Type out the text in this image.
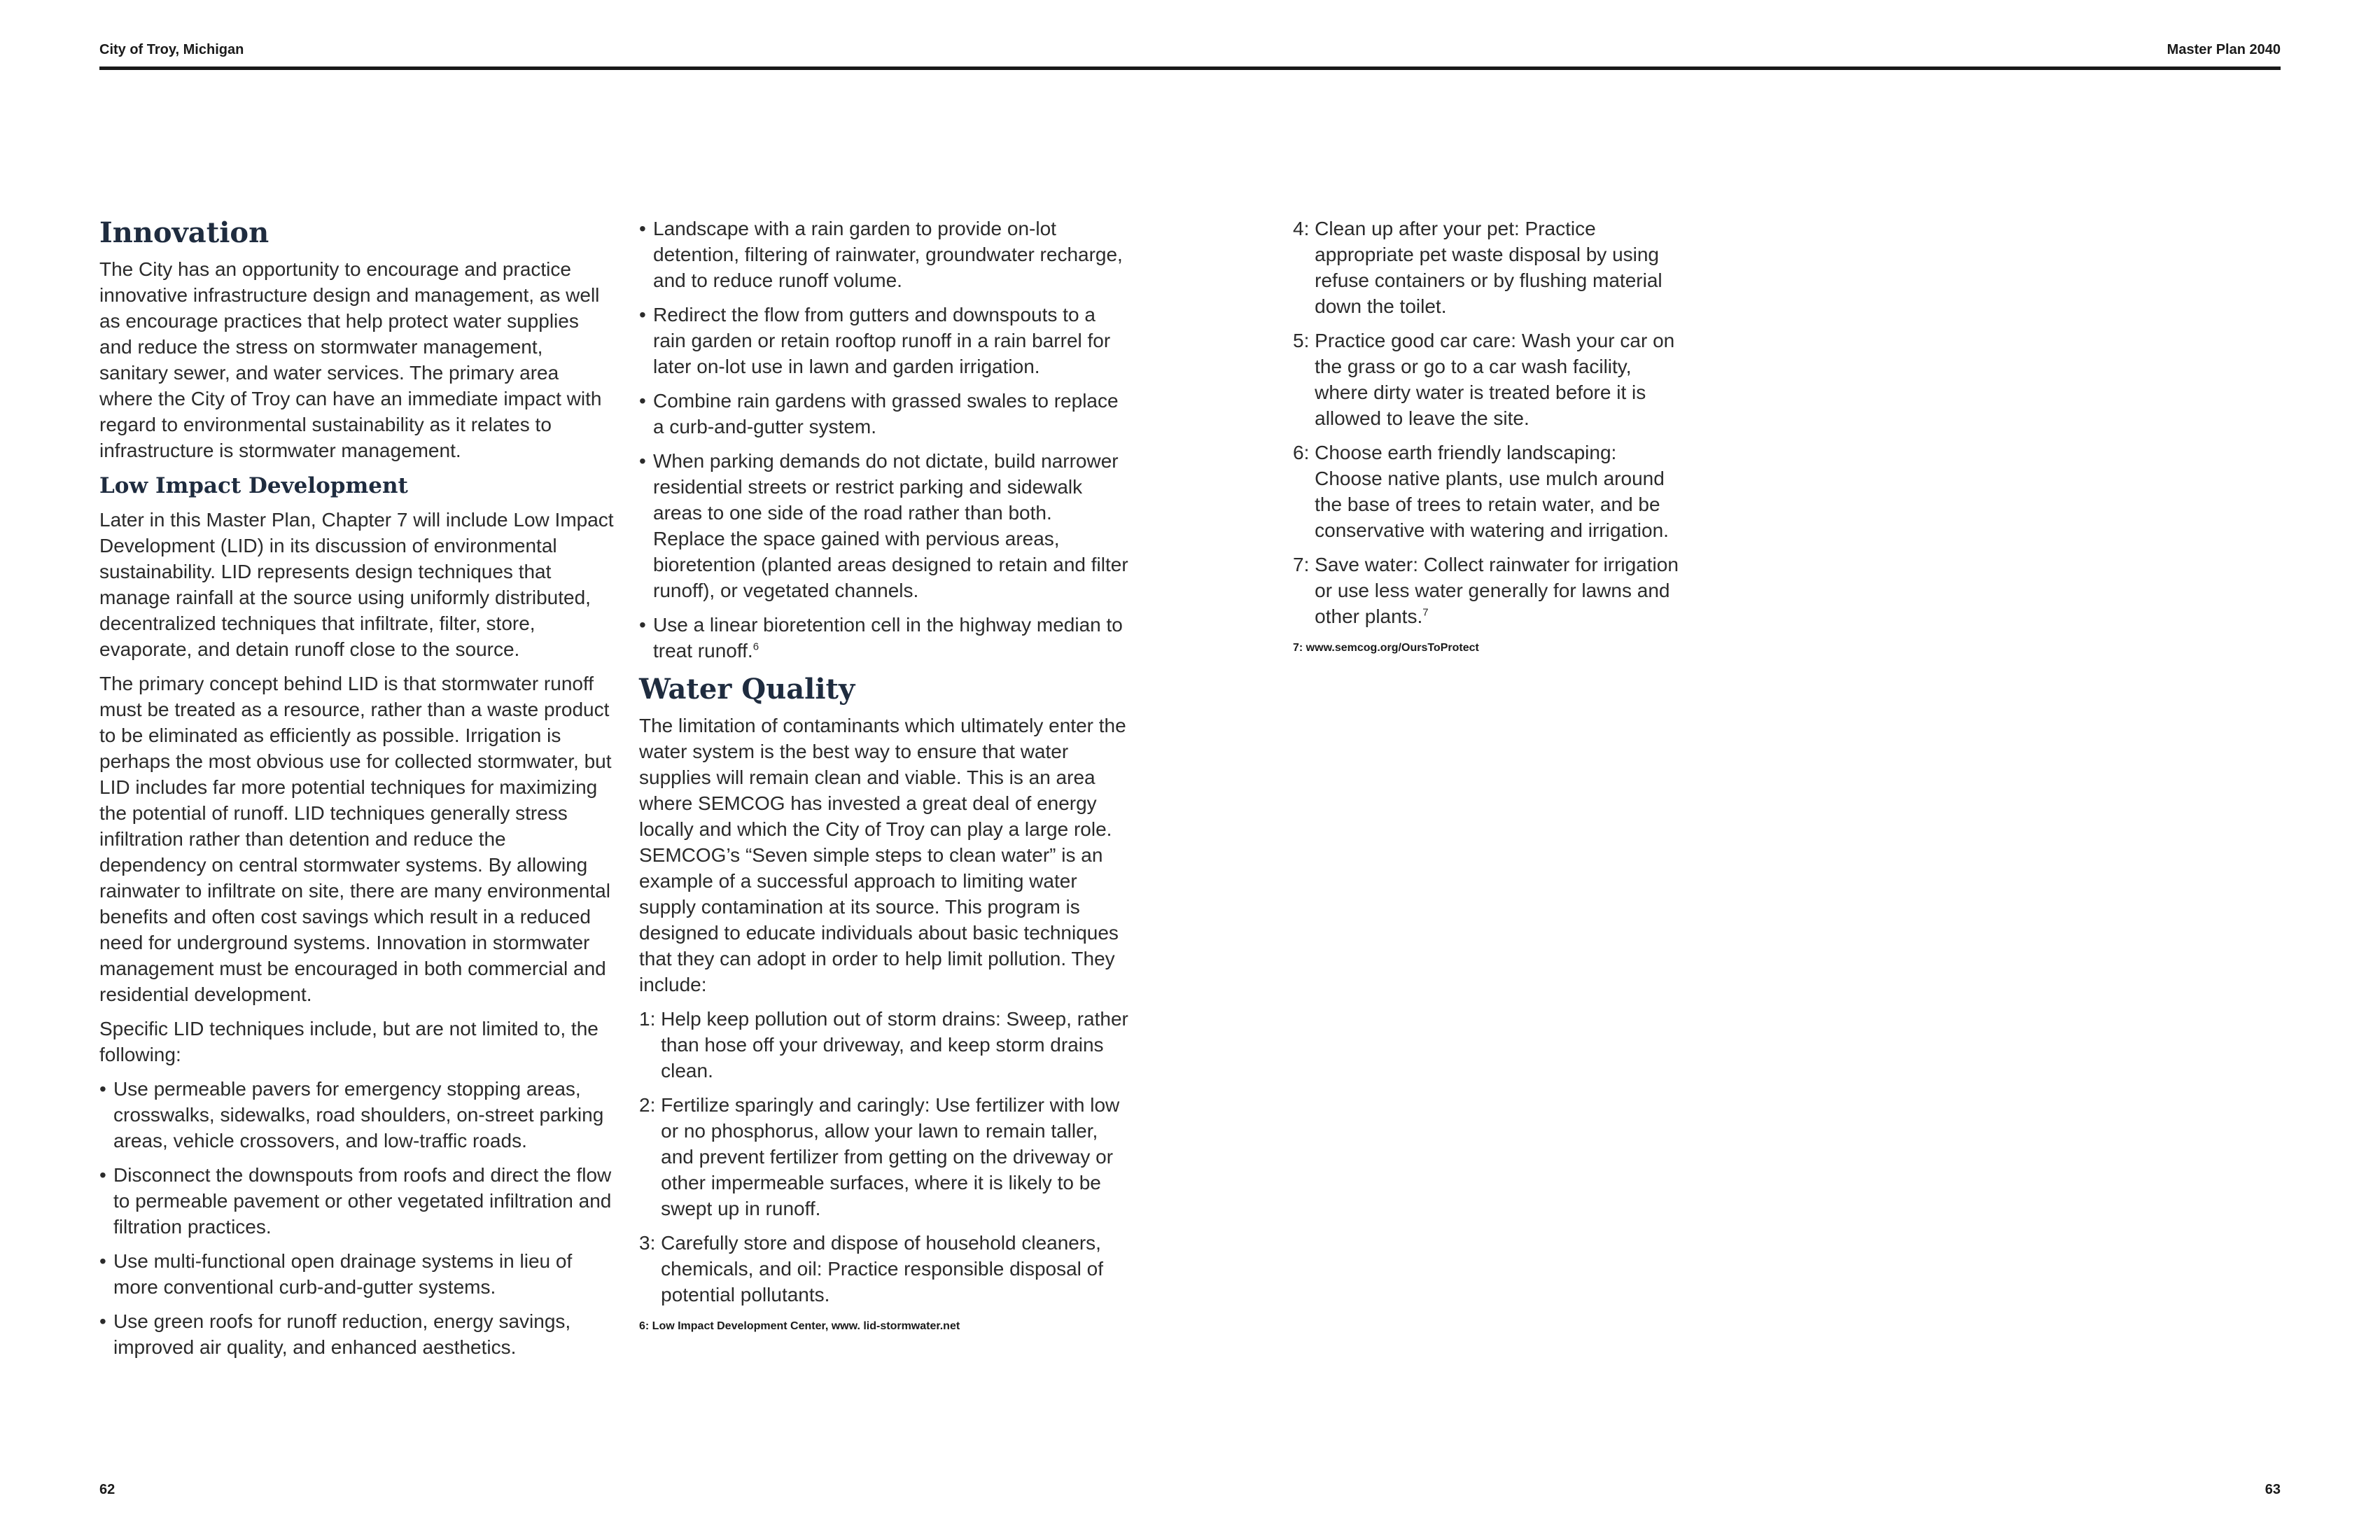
City of Troy, Michigan	Master Plan 2040
Innovation

The City has an opportunity to encourage and practice innovative infrastructure design and management, as well as encourage practices that help protect water supplies and reduce the stress on stormwater management, sanitary sewer, and water services. The primary area where the City of Troy can have an immediate impact with regard to environmental sustainability as it relates to infrastructure is stormwater management.

Low Impact Development

Later in this Master Plan, Chapter 7 will include Low Impact Development (LID) in its discussion of environmental sustainability. LID represents design techniques that manage rainfall at the source using uniformly distributed, decentralized techniques that infiltrate, filter, store, evaporate, and detain runoff close to the source.

The primary concept behind LID is that stormwater runoff must be treated as a resource, rather than a waste product to be eliminated as efficiently as possible. Irrigation is perhaps the most obvious use for collected stormwater, but LID includes far more potential techniques for maximizing the potential of runoff. LID techniques generally stress infiltration rather than detention and reduce the dependency on central stormwater systems. By allowing rainwater to infiltrate on site, there are many environmental benefits and often cost savings which result in a reduced need for underground systems. Innovation in stormwater management must be encouraged in both commercial and residential development.

Specific LID techniques include, but are not limited to, the following:

• Use permeable pavers for emergency stopping areas, crosswalks, sidewalks, road shoulders, on-street parking areas, vehicle crossovers, and low-traffic roads.
• Disconnect the downspouts from roofs and direct the flow to permeable pavement or other vegetated infiltration and filtration practices.
• Use multi-functional open drainage systems in lieu of more conventional curb-and-gutter systems.
• Use green roofs for runoff reduction, energy savings, improved air quality, and enhanced aesthetics.
• Landscape with a rain garden to provide on-lot detention, filtering of rainwater, groundwater recharge, and to reduce runoff volume.
• Redirect the flow from gutters and downspouts to a rain garden or retain rooftop runoff in a rain barrel for later on-lot use in lawn and garden irrigation.
• Combine rain gardens with grassed swales to replace a curb-and-gutter system.
• When parking demands do not dictate, build narrower residential streets or restrict parking and sidewalk areas to one side of the road rather than both. Replace the space gained with pervious areas, bioretention (planted areas designed to retain and filter runoff), or vegetated channels.
• Use a linear bioretention cell in the highway median to treat runoff.$^6$
Water Quality

The limitation of contaminants which ultimately enter the water system is the best way to ensure that water supplies will remain clean and viable. This is an area where SEMCOG has invested a great deal of energy locally and which the City of Troy can play a large role. SEMCOG’s “Seven simple steps to clean water” is an example of a successful approach to limiting water supply contamination at its source. This program is designed to educate individuals about basic techniques that they can adopt in order to help limit pollution. They include:

1: Help keep pollution out of storm drains: Sweep, rather than hose off your driveway, and keep storm drains clean.
2: Fertilize sparingly and caringly: Use fertilizer with low or no phosphorus, allow your lawn to remain taller, and prevent fertilizer from getting on the driveway or other impermeable surfaces, where it is likely to be swept up in runoff.
3: Carefully store and dispose of household cleaners, chemicals, and oil: Practice responsible disposal of potential pollutants.
6: Low Impact Development Center, www. lid-stormwater.net
4: Clean up after your pet: Practice appropriate pet waste disposal by using refuse containers or by flushing material down the toilet.
5: Practice good car care: Wash your car on the grass or go to a car wash facility, where dirty water is treated before it is allowed to leave the site.
6: Choose earth friendly landscaping: Choose native plants, use mulch around the base of trees to retain water, and be conservative with watering and irrigation.
7: Save water: Collect rainwater for irrigation or use less water generally for lawns and other plants.$^7$
7: www.semcog.org/OursToProtect
62	63
